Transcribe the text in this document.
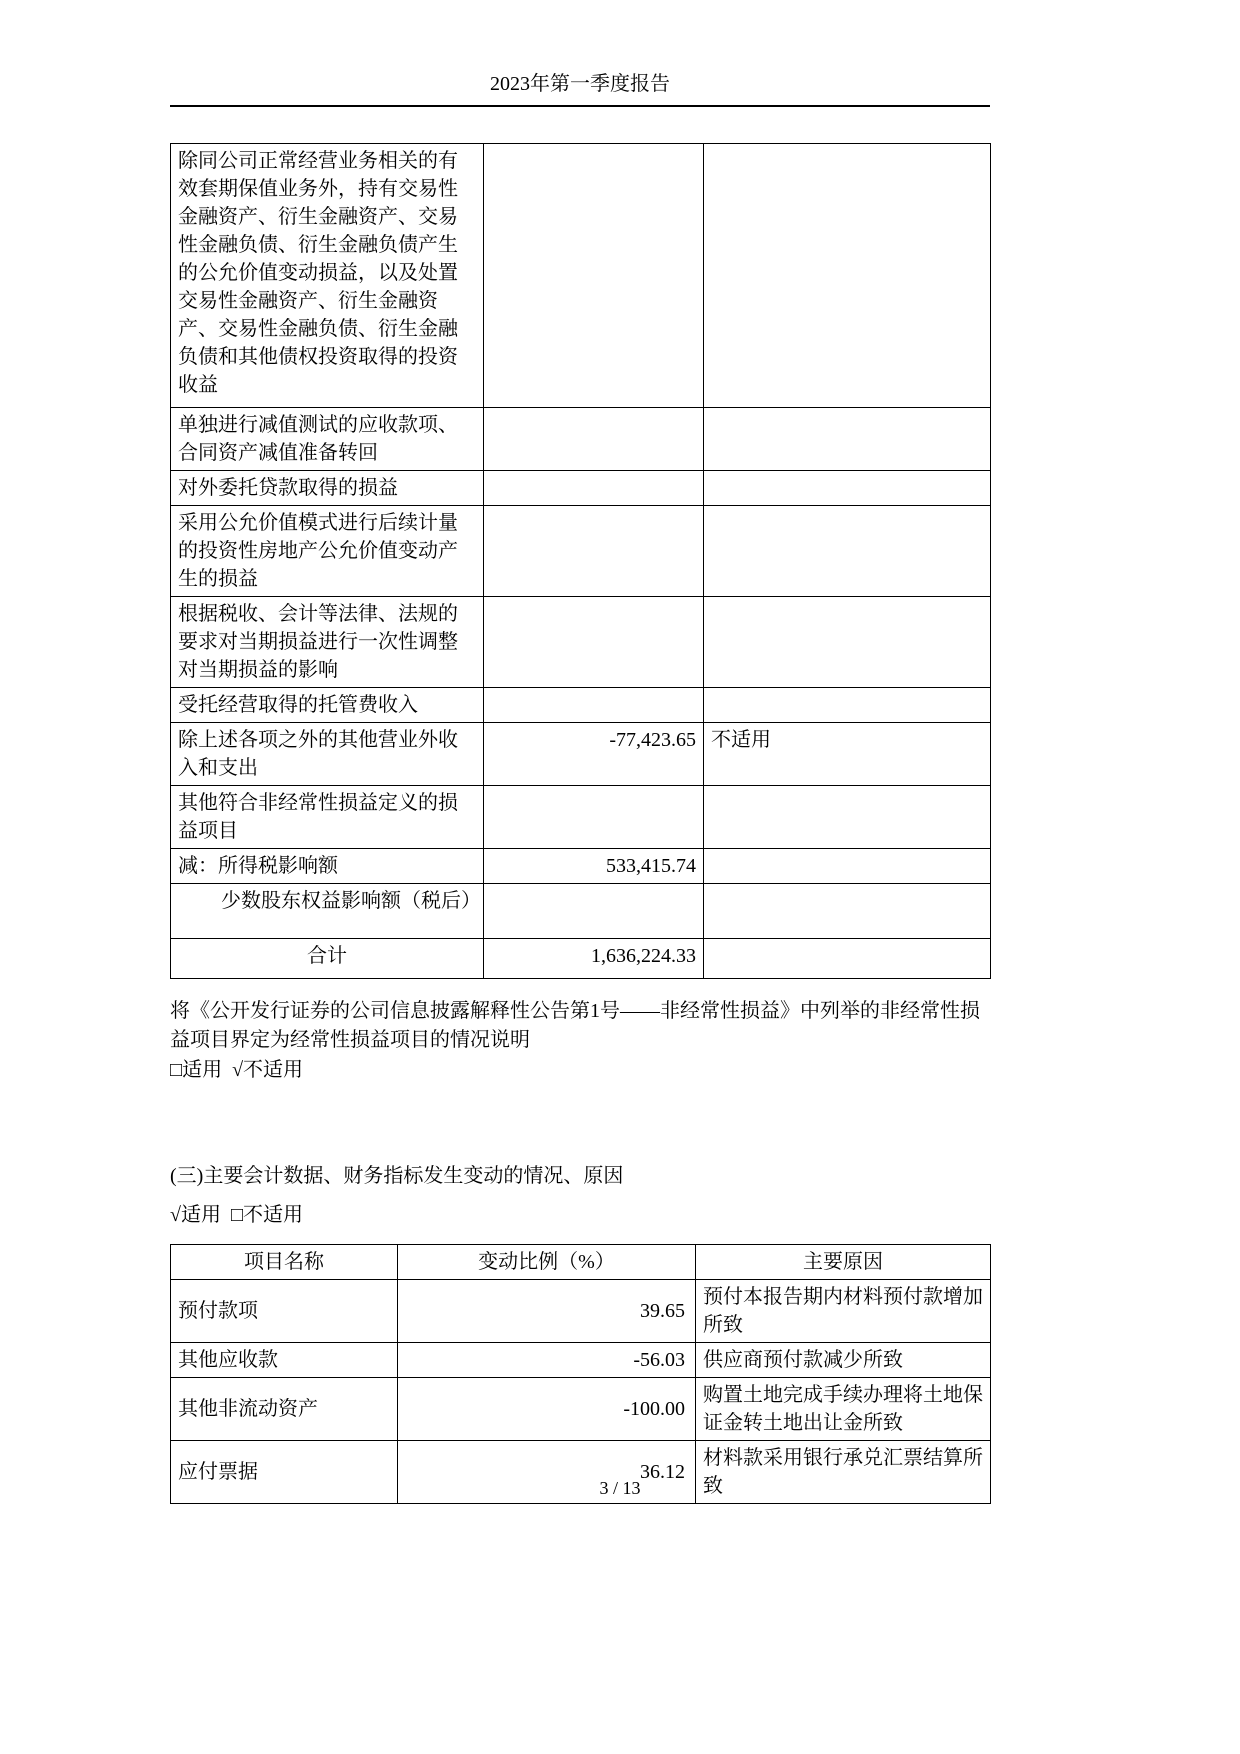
2023年第一季度报告
除同公司正常经营业务相关的有效套期保值业务外，持有交易性金融资产、衍生金融资产、交易性金融负债、衍生金融负债产生的公允价值变动损益，以及处置交易性金融资产、衍生金融资产、交易性金融负债、衍生金融负债和其他债权投资取得的投资收益		
单独进行减值测试的应收款项、合同资产减值准备转回		
对外委托贷款取得的损益		
采用公允价值模式进行后续计量的投资性房地产公允价值变动产生的损益		
根据税收、会计等法律、法规的要求对当期损益进行一次性调整对当期损益的影响		
受托经营取得的托管费收入		
除上述各项之外的其他营业外收入和支出	-77,423.65	不适用
其他符合非经常性损益定义的损益项目		
减：所得税影响额	533,415.74	
少数股东权益影响额（税后）		
合计	1,636,224.33	

将《公开发行证券的公司信息披露解释性公告第1号——非经常性损益》中列举的非经常性损益项目界定为经常性损益项目的情况说明

□适用  √不适用

(三)主要会计数据、财务指标发生变动的情况、原因

√适用  □不适用

项目名称	变动比例（%）	主要原因
预付款项	39.65	预付本报告期内材料预付款增加所致
其他应收款	-56.03	供应商预付款减少所致
其他非流动资产	-100.00	购置土地完成手续办理将土地保证金转土地出让金所致
应付票据	36.12	材料款采用银行承兑汇票结算所致
3 / 13
